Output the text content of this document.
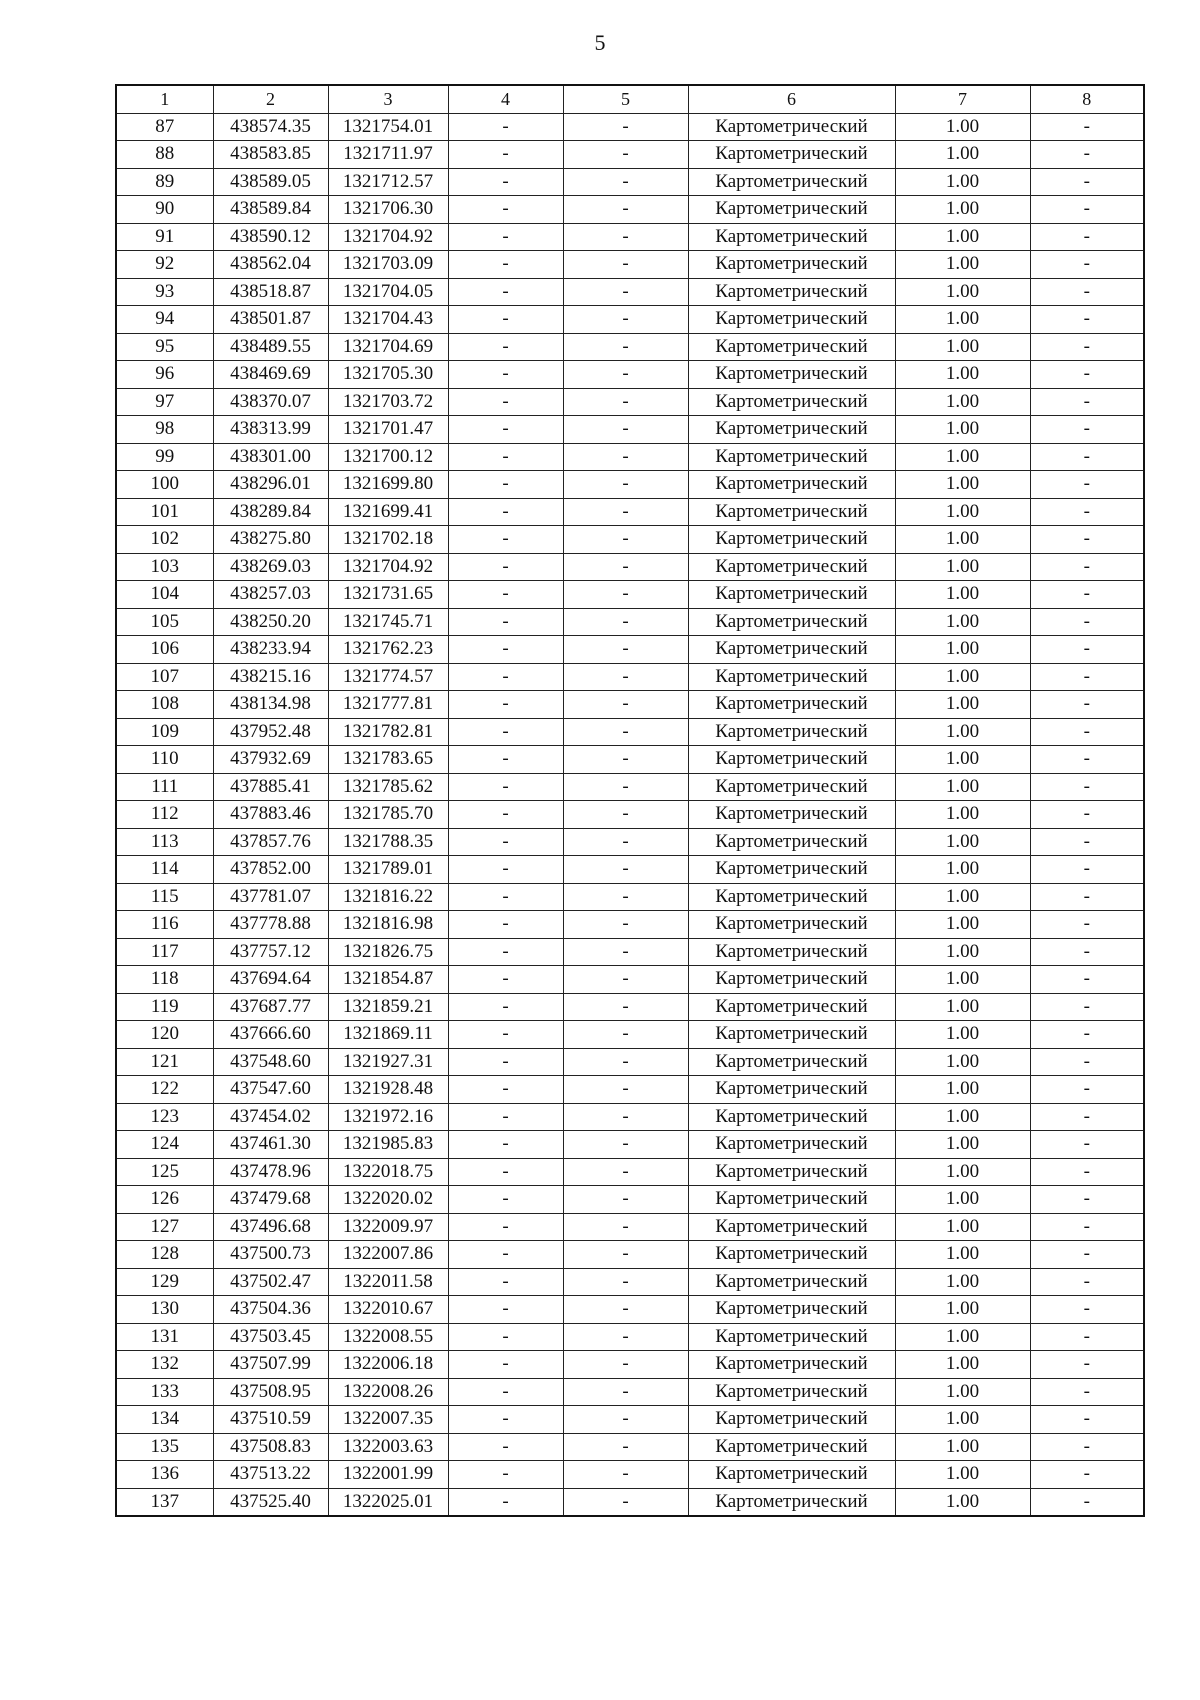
5
1	2	3	4	5	6	7	8
87	438574.35	1321754.01	-	-	Картометрический	1.00	-
88	438583.85	1321711.97	-	-	Картометрический	1.00	-
89	438589.05	1321712.57	-	-	Картометрический	1.00	-
90	438589.84	1321706.30	-	-	Картометрический	1.00	-
91	438590.12	1321704.92	-	-	Картометрический	1.00	-
92	438562.04	1321703.09	-	-	Картометрический	1.00	-
93	438518.87	1321704.05	-	-	Картометрический	1.00	-
94	438501.87	1321704.43	-	-	Картометрический	1.00	-
95	438489.55	1321704.69	-	-	Картометрический	1.00	-
96	438469.69	1321705.30	-	-	Картометрический	1.00	-
97	438370.07	1321703.72	-	-	Картометрический	1.00	-
98	438313.99	1321701.47	-	-	Картометрический	1.00	-
99	438301.00	1321700.12	-	-	Картометрический	1.00	-
100	438296.01	1321699.80	-	-	Картометрический	1.00	-
101	438289.84	1321699.41	-	-	Картометрический	1.00	-
102	438275.80	1321702.18	-	-	Картометрический	1.00	-
103	438269.03	1321704.92	-	-	Картометрический	1.00	-
104	438257.03	1321731.65	-	-	Картометрический	1.00	-
105	438250.20	1321745.71	-	-	Картометрический	1.00	-
106	438233.94	1321762.23	-	-	Картометрический	1.00	-
107	438215.16	1321774.57	-	-	Картометрический	1.00	-
108	438134.98	1321777.81	-	-	Картометрический	1.00	-
109	437952.48	1321782.81	-	-	Картометрический	1.00	-
110	437932.69	1321783.65	-	-	Картометрический	1.00	-
111	437885.41	1321785.62	-	-	Картометрический	1.00	-
112	437883.46	1321785.70	-	-	Картометрический	1.00	-
113	437857.76	1321788.35	-	-	Картометрический	1.00	-
114	437852.00	1321789.01	-	-	Картометрический	1.00	-
115	437781.07	1321816.22	-	-	Картометрический	1.00	-
116	437778.88	1321816.98	-	-	Картометрический	1.00	-
117	437757.12	1321826.75	-	-	Картометрический	1.00	-
118	437694.64	1321854.87	-	-	Картометрический	1.00	-
119	437687.77	1321859.21	-	-	Картометрический	1.00	-
120	437666.60	1321869.11	-	-	Картометрический	1.00	-
121	437548.60	1321927.31	-	-	Картометрический	1.00	-
122	437547.60	1321928.48	-	-	Картометрический	1.00	-
123	437454.02	1321972.16	-	-	Картометрический	1.00	-
124	437461.30	1321985.83	-	-	Картометрический	1.00	-
125	437478.96	1322018.75	-	-	Картометрический	1.00	-
126	437479.68	1322020.02	-	-	Картометрический	1.00	-
127	437496.68	1322009.97	-	-	Картометрический	1.00	-
128	437500.73	1322007.86	-	-	Картометрический	1.00	-
129	437502.47	1322011.58	-	-	Картометрический	1.00	-
130	437504.36	1322010.67	-	-	Картометрический	1.00	-
131	437503.45	1322008.55	-	-	Картометрический	1.00	-
132	437507.99	1322006.18	-	-	Картометрический	1.00	-
133	437508.95	1322008.26	-	-	Картометрический	1.00	-
134	437510.59	1322007.35	-	-	Картометрический	1.00	-
135	437508.83	1322003.63	-	-	Картометрический	1.00	-
136	437513.22	1322001.99	-	-	Картометрический	1.00	-
137	437525.40	1322025.01	-	-	Картометрический	1.00	-
